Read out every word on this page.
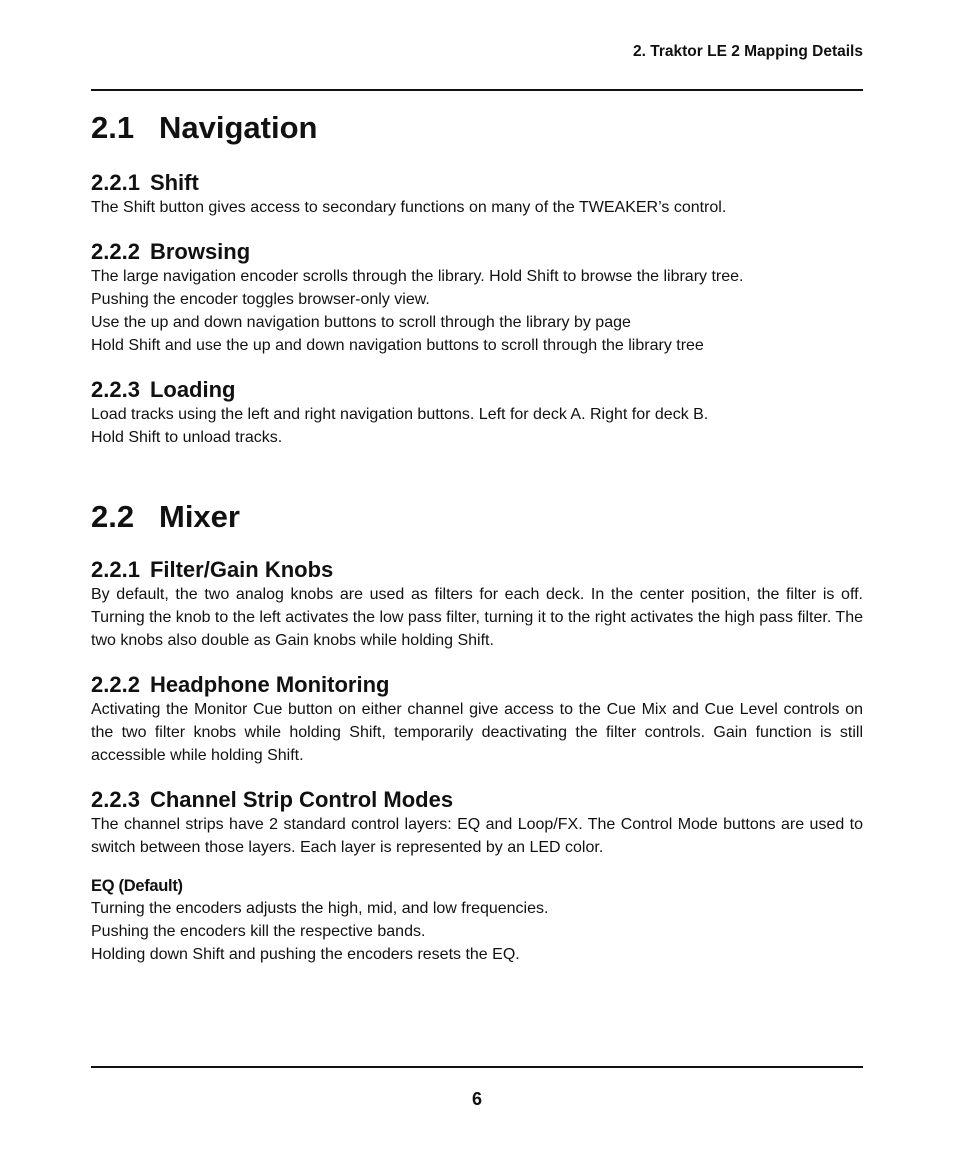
2. Traktor LE 2 Mapping Details
2.1 Navigation
2.2.1 Shift

The Shift button gives access to secondary functions on many of the TWEAKER’s control.

2.2.2 Browsing

The large navigation encoder scrolls through the library. Hold Shift to browse the library tree.

Pushing the encoder toggles browser-only view.

Use the up and down navigation buttons to scroll through the library by page

Hold Shift and use the up and down navigation buttons to scroll through the library tree

2.2.3 Loading

Load tracks using the left and right navigation buttons. Left for deck A. Right for deck B.

Hold Shift to unload tracks.

2.2 Mixer
2.2.1 Filter/Gain Knobs

By default, the two analog knobs are used as filters for each deck. In the center position, the filter is off. Turning the knob to the left activates the low pass filter, turning it to the right activates the high pass filter. The two knobs also double as Gain knobs while holding Shift.

2.2.2 Headphone Monitoring

Activating the Monitor Cue button on either channel give access to the Cue Mix and Cue Level controls on the two filter knobs while holding Shift, temporarily deactivating the filter controls. Gain function is still accessible while holding Shift.

2.2.3 Channel Strip Control Modes

The channel strips have 2 standard control layers: EQ and Loop/FX. The Control Mode buttons are used to switch between those layers. Each layer is represented by an LED color.

EQ (Default)

Turning the encoders adjusts the high, mid, and low frequencies.

Pushing the encoders kill the respective bands.

Holding down Shift and pushing the encoders resets the EQ.

6
